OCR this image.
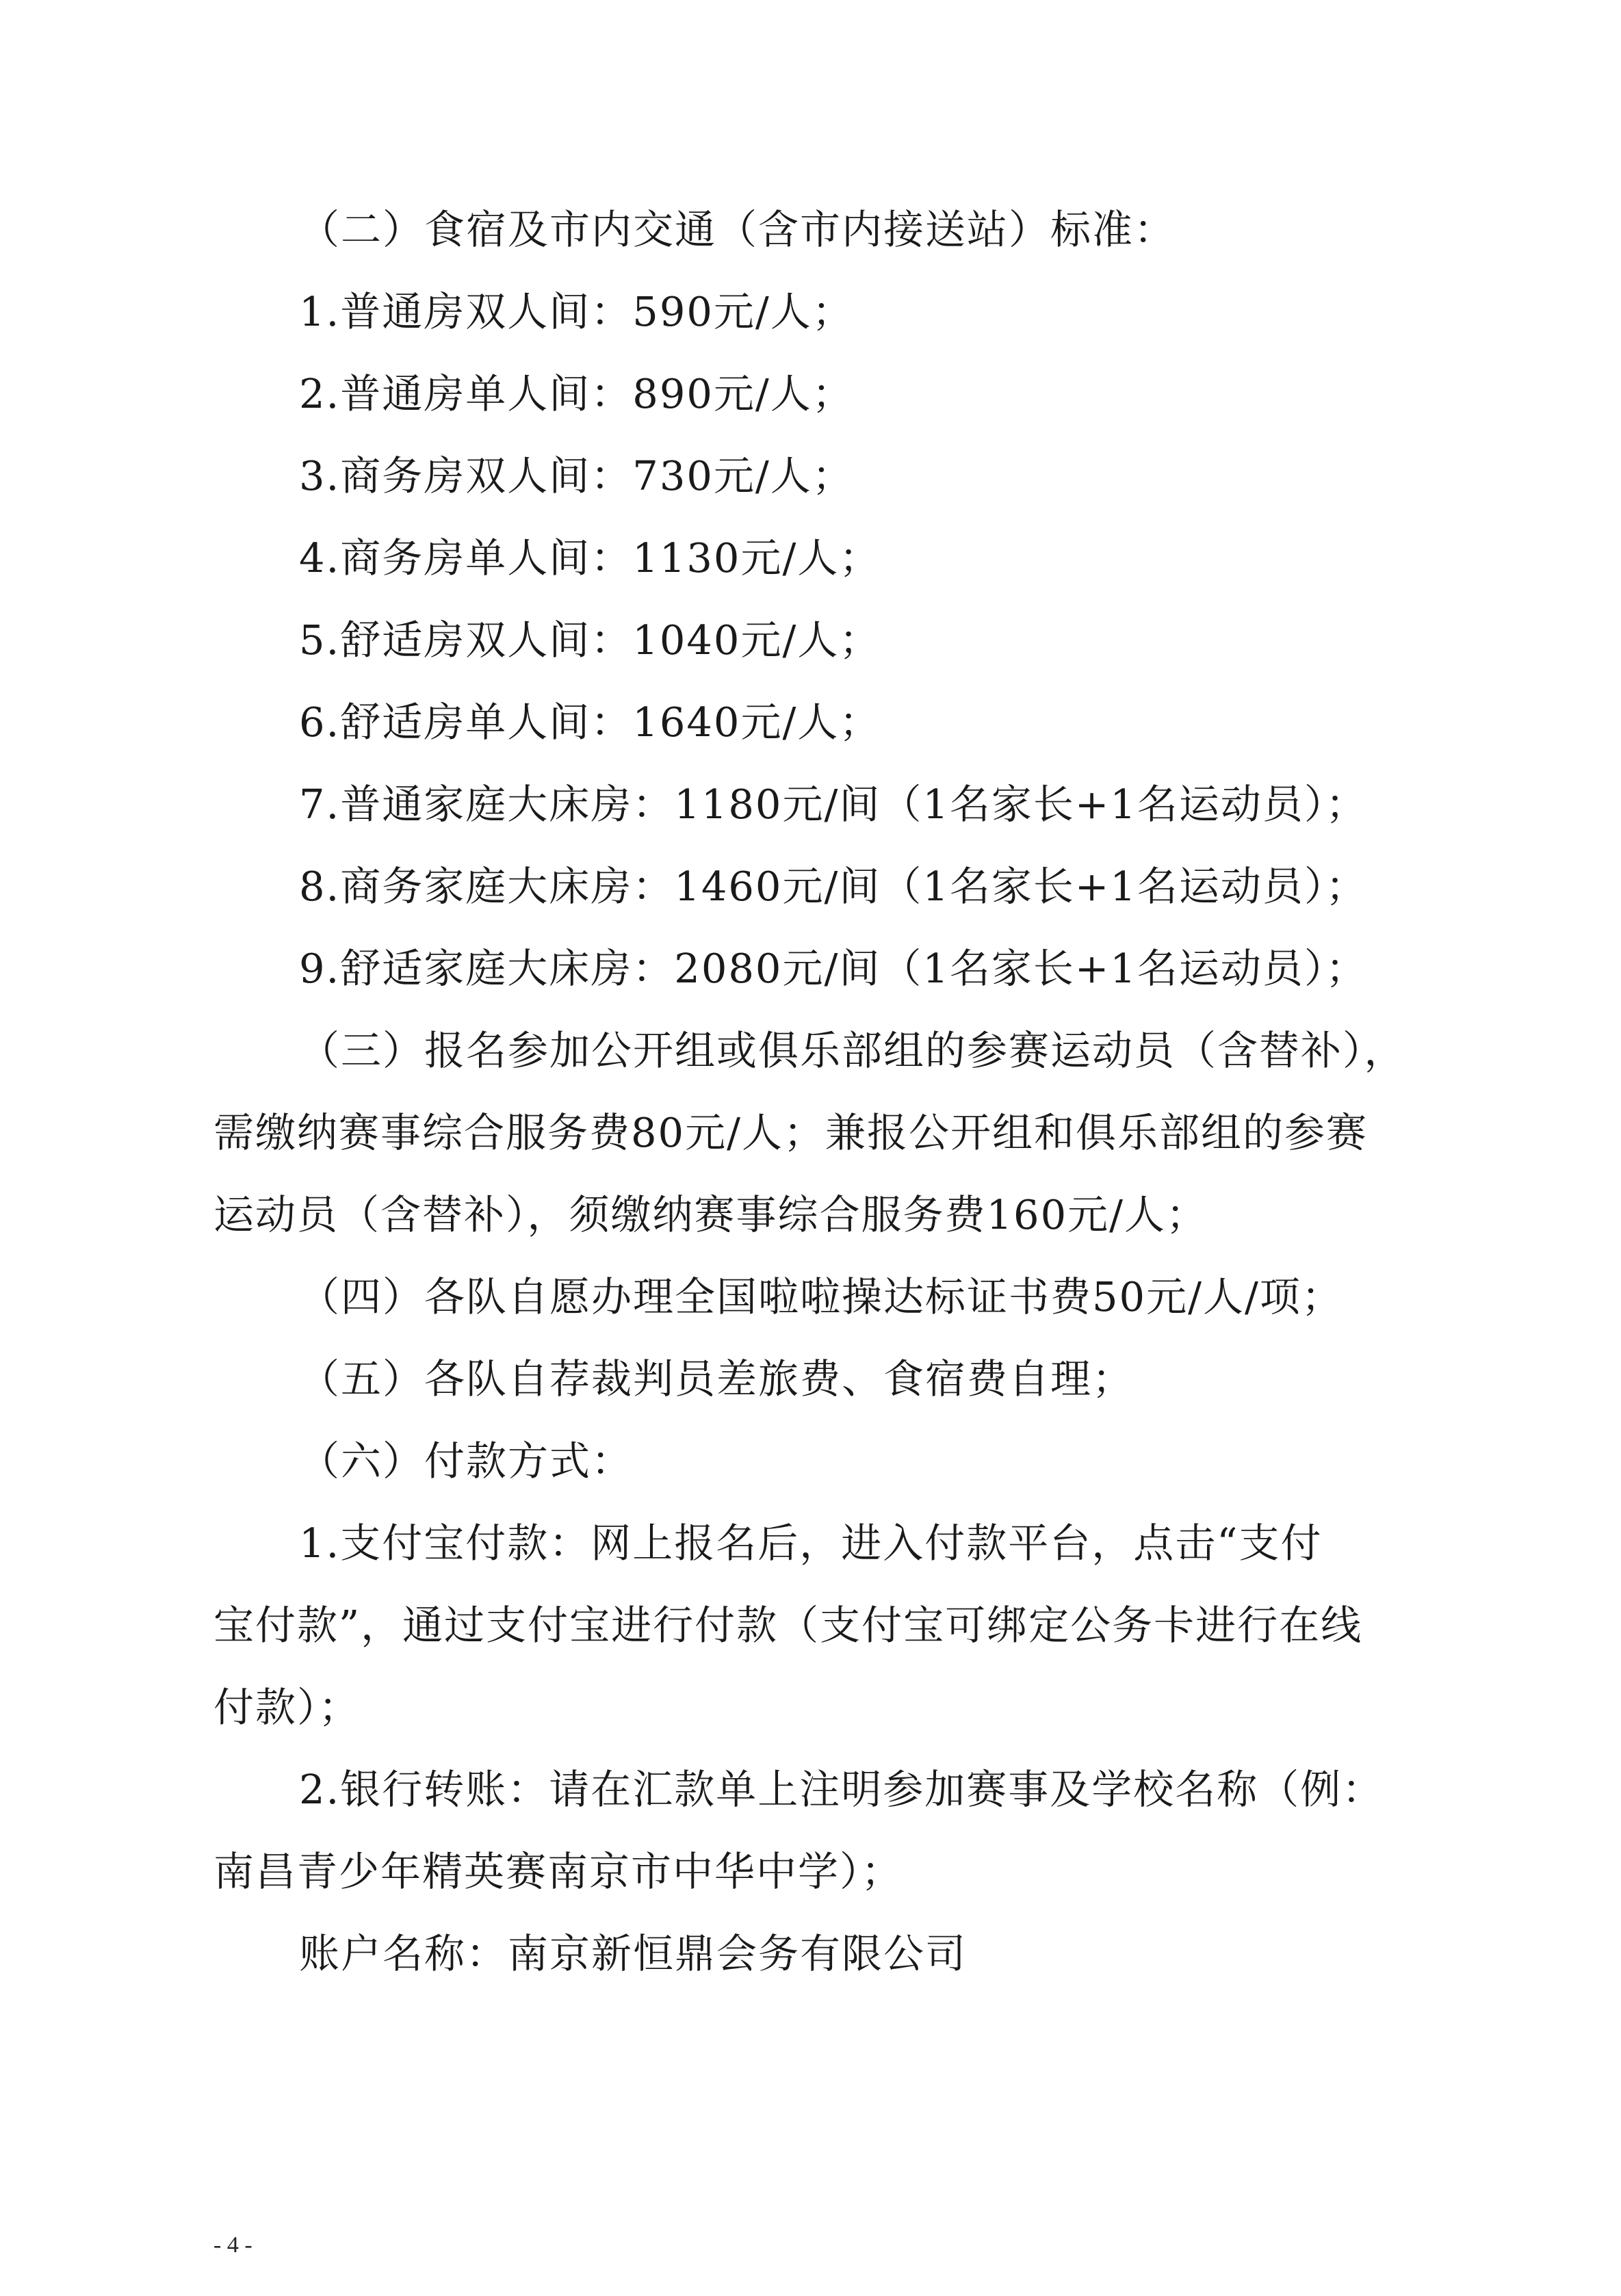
（二）食宿及市内交通（含市内接送站）标准：
1.普通房双人间：590元/人；
2.普通房单人间：890元/人；
3.商务房双人间：730元/人；
4.商务房单人间：1130元/人；
5.舒适房双人间：1040元/人；
6.舒适房单人间：1640元/人；
7.普通家庭大床房：1180元/间（1名家长+1名运动员）；
8.商务家庭大床房：1460元/间（1名家长+1名运动员）；
9.舒适家庭大床房：2080元/间（1名家长+1名运动员）；
（三）报名参加公开组或俱乐部组的参赛运动员（含替补），
需缴纳赛事综合服务费80元/人；兼报公开组和俱乐部组的参赛
运动员（含替补），须缴纳赛事综合服务费160元/人；
（四）各队自愿办理全国啦啦操达标证书费50元/人/项；
（五）各队自荐裁判员差旅费、食宿费自理；
（六）付款方式：
1.支付宝付款：网上报名后，进入付款平台，点击“支付
宝付款”，通过支付宝进行付款（支付宝可绑定公务卡进行在线
付款）；
2.银行转账：请在汇款单上注明参加赛事及学校名称（例：
南昌青少年精英赛南京市中华中学）；
账户名称：南京新恒鼎会务有限公司
- 4 -
